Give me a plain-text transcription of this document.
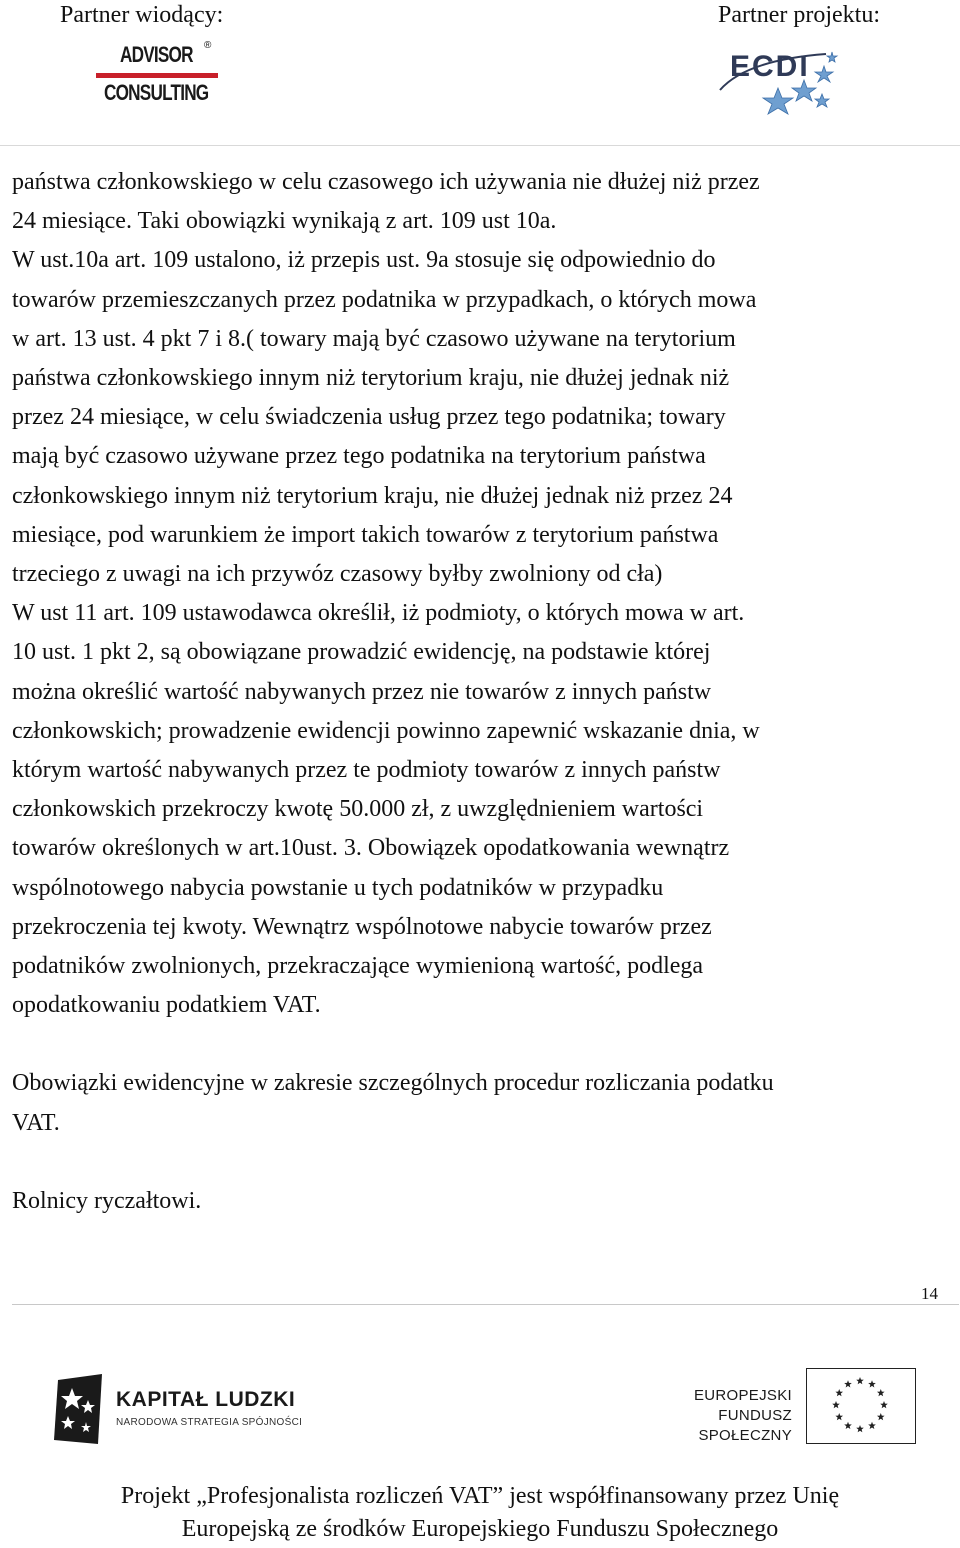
Partner wiodący:	Partner projektu:
ADVISOR ®
CONSULTING
ECDI

państwa członkowskiego w celu czasowego ich używania nie dłużej niż przez
24 miesiące. Taki obowiązki wynikają z art. 109 ust 10a.
W ust.10a art. 109 ustalono, iż przepis ust. 9a stosuje się odpowiednio do
towarów przemieszczanych przez podatnika w przypadkach, o których mowa
w art. 13 ust. 4 pkt 7 i 8.( towary mają być czasowo używane na terytorium
państwa członkowskiego innym niż terytorium kraju, nie dłużej jednak niż
przez 24 miesiące, w celu świadczenia usług przez tego podatnika; towary
mają być czasowo używane przez tego podatnika na terytorium państwa
członkowskiego innym niż terytorium kraju, nie dłużej jednak niż przez 24
miesiące, pod warunkiem że import takich towarów z terytorium państwa
trzeciego z uwagi na ich przywóz czasowy byłby zwolniony od cła)
W ust 11 art. 109 ustawodawca określił, iż podmioty, o których mowa w art.
10 ust. 1 pkt 2, są obowiązane prowadzić ewidencję, na podstawie której
można określić wartość nabywanych przez nie towarów z innych państw
członkowskich; prowadzenie ewidencji powinno zapewnić wskazanie dnia, w
którym wartość nabywanych przez te podmioty towarów z innych państw
członkowskich przekroczy kwotę 50.000 zł, z uwzględnieniem wartości
towarów określonych w art.10ust. 3. Obowiązek opodatkowania wewnątrz
wspólnotowego nabycia powstanie u tych podatników w przypadku
przekroczenia tej kwoty. Wewnątrz wspólnotowe nabycie towarów przez
podatników zwolnionych, przekraczające wymienioną wartość, podlega
opodatkowaniu podatkiem VAT.

Obowiązki ewidencyjne w zakresie szczególnych procedur rozliczania podatku
VAT.

Rolnicy ryczałtowi.

14
KAPITAŁ LUDZKI
NARODOWA STRATEGIA SPÓJNOŚCI
EUROPEJSKI
FUNDUSZ SPOŁECZNY
Projekt „Profesjonalista rozliczeń VAT” jest współfinansowany przez Unię
Europejską ze środków Europejskiego Funduszu Społecznego
